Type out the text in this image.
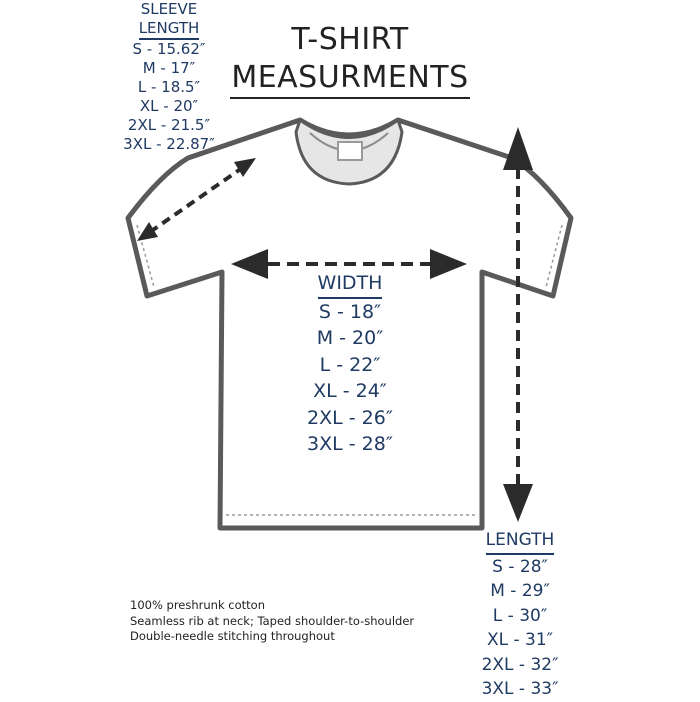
T-SHIRT
MEASURMENTS
SLEEVE
LENGTH
S - 15.62″
M - 17″
L - 18.5″
XL - 20″
2XL - 21.5″
3XL - 22.87″
WIDTH
S - 18″
M - 20″
L - 22″
XL - 24″
2XL - 26″
3XL - 28″
LENGTH
S - 28″
M - 29″
L - 30″
XL - 31″
2XL - 32″
3XL - 33″
100% preshrunk cotton
Seamless rib at neck; Taped shoulder-to-shoulder
Double-needle stitching throughout
